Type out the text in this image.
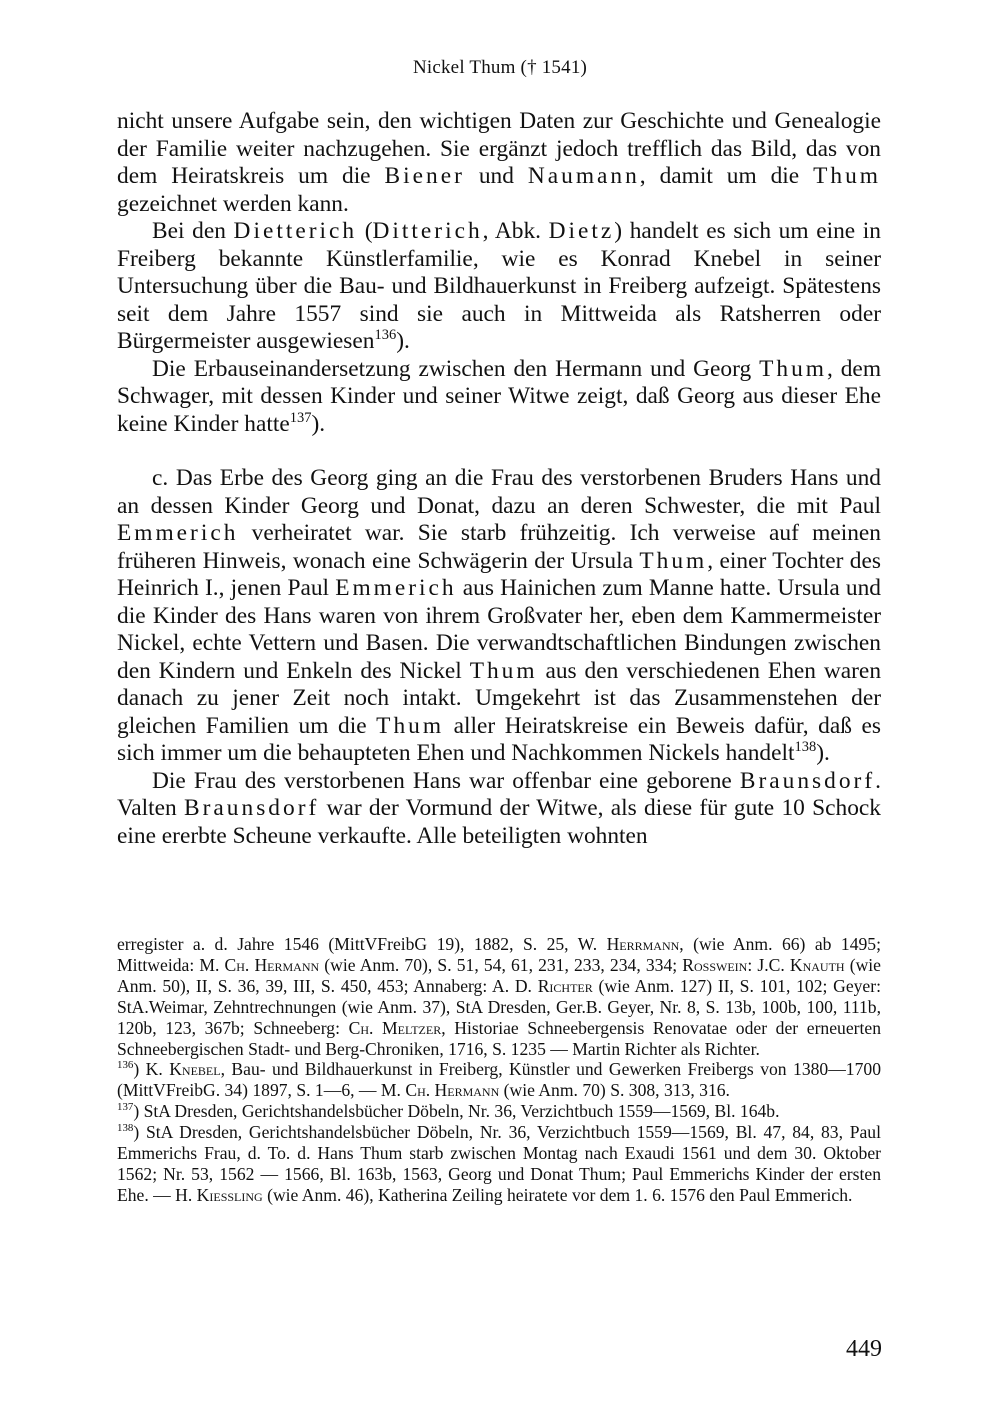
Nickel Thum († 1541)

nicht unsere Aufgabe sein, den wichtigen Daten zur Geschichte und Genealogie der Familie weiter nachzugehen. Sie ergänzt jedoch trefflich das Bild, das von dem Heiratskreis um die Biener und Naumann, damit um die Thum gezeichnet werden kann.

Bei den Dietterich (Ditterich, Abk. Dietz) handelt es sich um eine in Freiberg bekannte Künstlerfamilie, wie es Konrad Knebel in seiner Untersuchung über die Bau- und Bildhauerkunst in Freiberg aufzeigt. Spätestens seit dem Jahre 1557 sind sie auch in Mittweida als Ratsherren oder Bürgermeister ausgewiesen$^{136}$).

Die Erbauseinandersetzung zwischen den Hermann und Georg Thum, dem Schwager, mit dessen Kinder und seiner Witwe zeigt, daß Georg aus dieser Ehe keine Kinder hatte$^{137}$).

c. Das Erbe des Georg ging an die Frau des verstorbenen Bruders Hans und an dessen Kinder Georg und Donat, dazu an deren Schwester, die mit Paul Emmerich verheiratet war. Sie starb frühzeitig. Ich verweise auf meinen früheren Hinweis, wonach eine Schwägerin der Ursula Thum, einer Tochter des Heinrich I., jenen Paul Emmerich aus Hainichen zum Manne hatte. Ursula und die Kinder des Hans waren von ihrem Großvater her, eben dem Kammermeister Nickel, echte Vettern und Basen. Die verwandtschaftlichen Bindungen zwischen den Kindern und Enkeln des Nickel Thum aus den verschiedenen Ehen waren danach zu jener Zeit noch intakt. Umgekehrt ist das Zusammenstehen der gleichen Familien um die Thum aller Heiratskreise ein Beweis dafür, daß es sich immer um die behaupteten Ehen und Nachkommen Nickels handelt$^{138}$).

Die Frau des verstorbenen Hans war offenbar eine geborene Braunsdorf. Valten Braunsdorf war der Vormund der Witwe, als diese für gute 10 Schock eine ererbte Scheune verkaufte. Alle beteiligten wohnten

erregister a. d. Jahre 1546 (MittVFreibG 19), 1882, S. 25, W. Herrmann, (wie Anm. 66) ab 1495; Mittweida: M. Ch. Hermann (wie Anm. 70), S. 51, 54, 61, 231, 233, 234, 334; Rosswein: J.C. Knauth (wie Anm. 50), II, S. 36, 39, III, S. 450, 453; Annaberg: A. D. Richter (wie Anm. 127) II, S. 101, 102; Geyer: StA.Weimar, Zehntrechnungen (wie Anm. 37), StA Dresden, Ger.B. Geyer, Nr. 8, S. 13b, 100b, 100, 111b, 120b, 123, 367b; Schneeberg: Ch. Meltzer, Historiae Schneebergensis Renovatae oder der erneuerten Schneebergischen Stadt- und Berg-Chroniken, 1716, S. 1235 — Martin Richter als Richter.

$^{136}$) K. Knebel, Bau- und Bildhauerkunst in Freiberg, Künstler und Gewerken Freibergs von 1380—1700 (MittVFreibG. 34) 1897, S. 1—6, — M. Ch. Hermann (wie Anm. 70) S. 308, 313, 316.

$^{137}$) StA Dresden, Gerichtshandelsbücher Döbeln, Nr. 36, Verzichtbuch 1559—1569, Bl. 164b.

$^{138}$) StA Dresden, Gerichtshandelsbücher Döbeln, Nr. 36, Verzichtbuch 1559—1569, Bl. 47, 84, 83, Paul Emmerichs Frau, d. To. d. Hans Thum starb zwischen Montag nach Exaudi 1561 und dem 30. Oktober 1562; Nr. 53, 1562 — 1566, Bl. 163b, 1563, Georg und Donat Thum; Paul Emmerichs Kinder der ersten Ehe. — H. Kiessling (wie Anm. 46), Katherina Zeiling heiratete vor dem 1. 6. 1576 den Paul Emmerich.

449
